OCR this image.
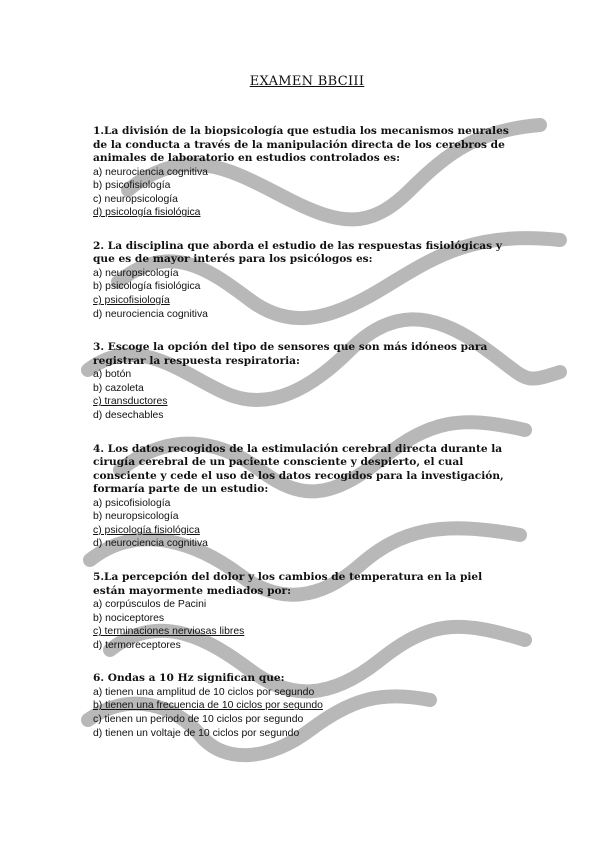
EXAMEN BBCIII

1.La división de la biopsicología que estudia los mecanismos neurales de la conducta a través de la manipulación directa de los cerebros de animales de laboratorio en estudios controlados es:

a) neurociencia cognitiva
b) psicofisiología
c) neuropsicología
d) psicología fisiológica

2. La disciplina que aborda el estudio de las respuestas fisiológicas y que es de mayor interés para los psicólogos es:

a) neuropsicología
b) psicología fisiológica
c) psicofisiología
d) neurociencia cognitiva

3. Escoge la opción del tipo de sensores que son más idóneos para registrar la respuesta respiratoria:

a) botón
b) cazoleta
c) transductores
d) desechables

4. Los datos recogidos de la estimulación cerebral directa durante la cirugía cerebral de un paciente consciente y despierto, el cual consciente y cede el uso de los datos recogidos para la investigación, formaría parte de un estudio:

a) psicofisiología
b) neuropsicología
c) psicología fisiológica
d) neurociencia cognitiva

5.La percepción del dolor y los cambios de temperatura en la piel están mayormente mediados por:

a) corpúsculos de Pacini
b) nociceptores
c) terminaciones nerviosas libres
d) termoreceptores

6. Ondas a 10 Hz significan que:

a) tienen una amplitud de 10 ciclos por segundo
b) tienen una frecuencia de 10 ciclos por segundo
c) tienen un periodo de 10 ciclos por segundo
d) tienen un voltaje de 10 ciclos por segundo
